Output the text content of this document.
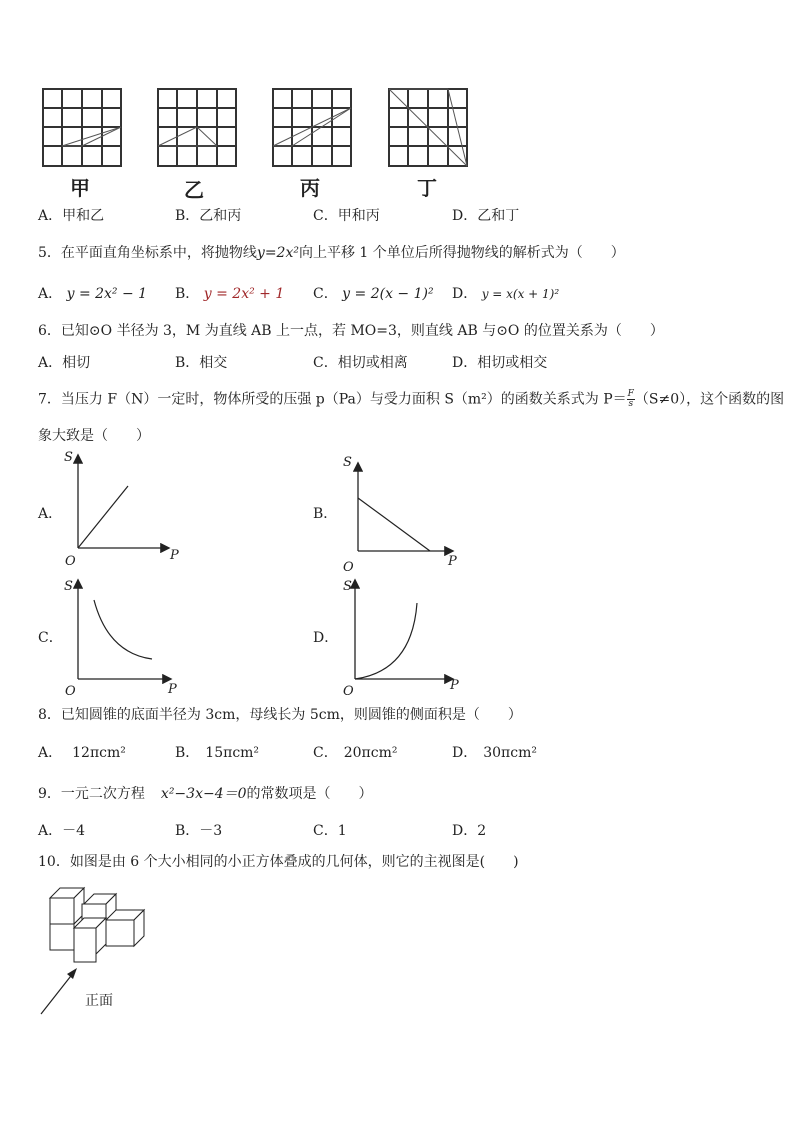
甲	乙	丙	丁
A．甲和乙	B．乙和丙	C．甲和丙	D．乙和丁
5．在平面直角坐标系中，将抛物线y=2x²向上平移 1 个单位后所得抛物线的解析式为（　　）
A． y = 2x² − 1 B． y = 2x² + 1 C． y = 2(x − 1)² D． y = x(x + 1)²
6．已知⊙O 半径为 3，M 为直线 AB 上一点，若 MO=3，则直线 AB 与⊙O 的位置关系为（　　）
A．相切	B．相交	C．相切或相离	D．相切或相交
7．当压力 F（N）一定时，物体所受的压强 p（Pa）与受力面积 S（m²）的函数关系式为 $P= \frac{F}{s} (S\ne 0)$，这个函数的图
象大致是（　　）
A．
S
P
O
B．
S
P
O
C．
S
P
O
D．
S
P
O
8．已知圆锥的底面半径为 3cm，母线长为 5cm，则圆锥的侧面积是（　　）
A． 12πcm²	B． 15πcm²	C． 20πcm²	D． 30πcm²
9．一元二次方程 x²−3x−4＝0的常数项是（　　）
A．－4	B．－3	C．1	D．2
10．如图是由 6 个大小相同的小正方体叠成的几何体，则它的主视图是(　　)
正面
